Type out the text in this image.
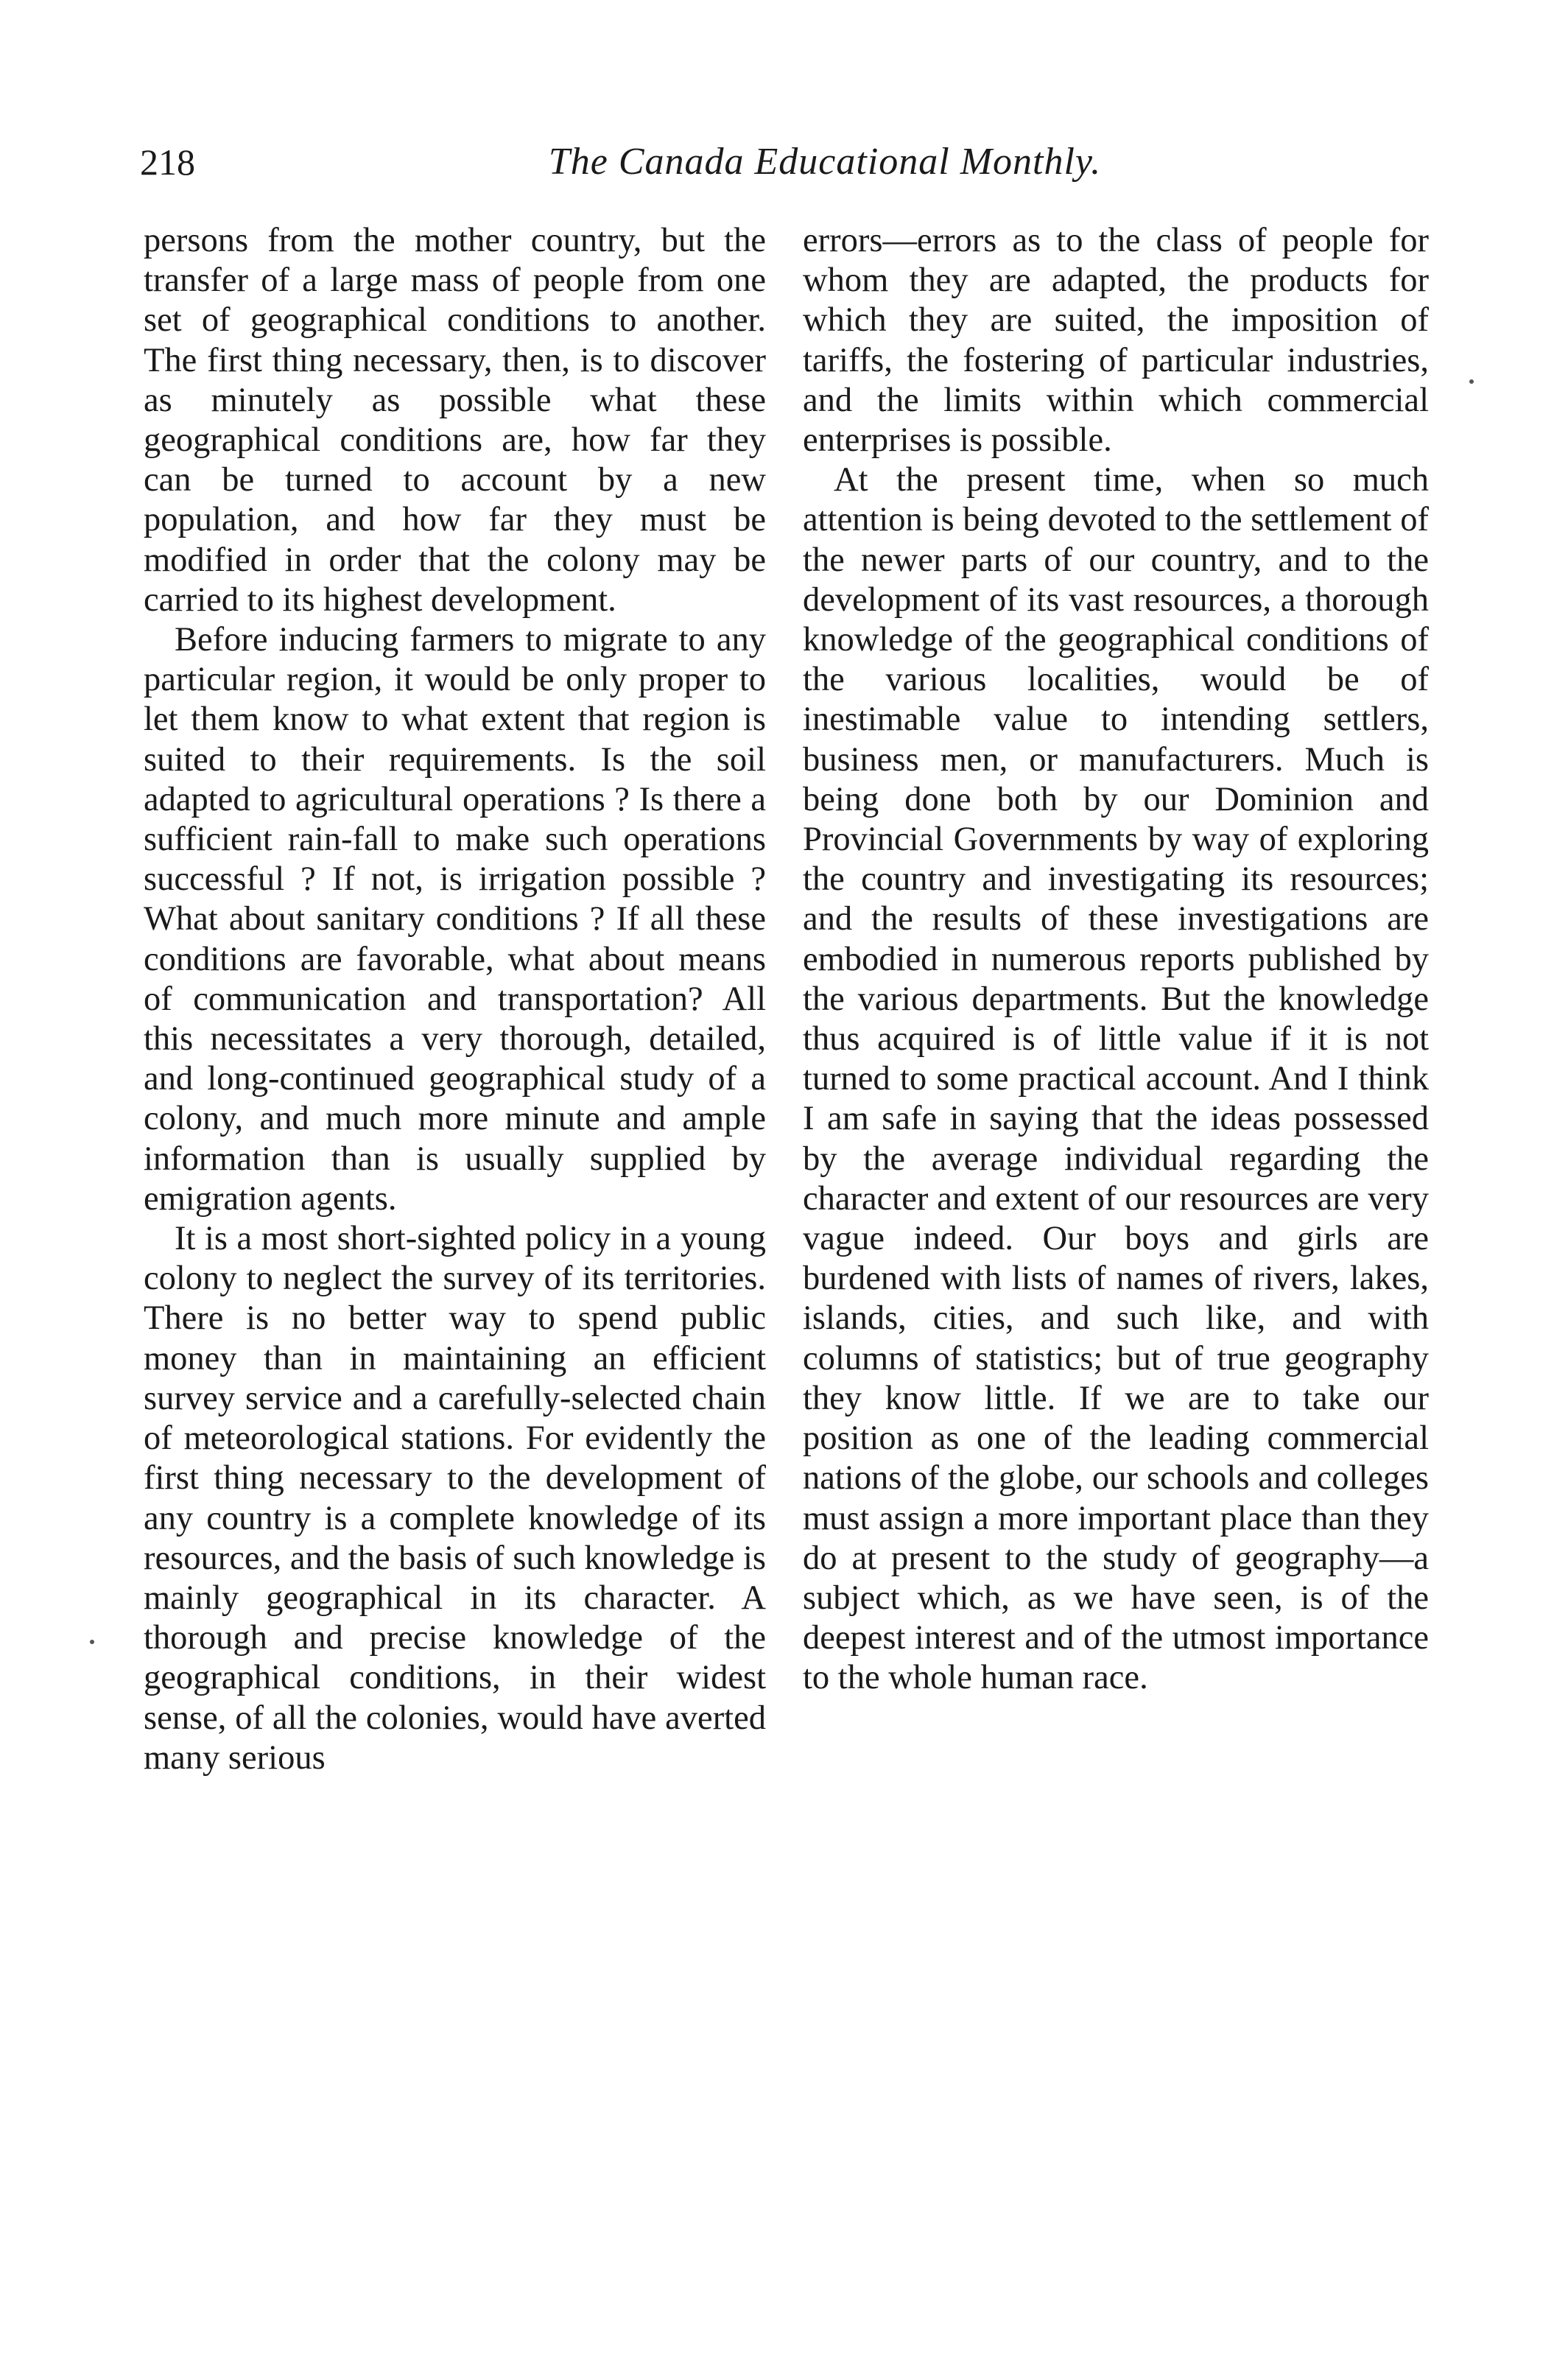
218	The Canada Educational Monthly.

persons from the mother country, but the transfer of a large mass of people from one set of geographical conditions to another. The first thing necessary, then, is to discover as minutely as possible what these geographical conditions are, how far they can be turned to account by a new population, and how far they must be modified in order that the colony may be carried to its highest development.

Before inducing farmers to migrate to any particular region, it would be only proper to let them know to what extent that region is suited to their requirements. Is the soil adapted to agricultural operations ? Is there a sufficient rain-fall to make such operations successful ? If not, is irrigation possible ? What about sanitary conditions ? If all these conditions are favorable, what about means of communication and transportation? All this necessitates a very thorough, detailed, and long-continued geographical study of a colony, and much more minute and ample information than is usually supplied by emigration agents.

It is a most short-sighted policy in a young colony to neglect the survey of its territories. There is no better way to spend public money than in maintaining an efficient survey service and a carefully-selected chain of meteorological stations. For evidently the first thing necessary to the development of any country is a complete knowledge of its resources, and the basis of such knowledge is mainly geographical in its character. A thorough and precise knowledge of the geographical conditions, in their widest sense, of all the colonies, would have averted many serious

errors—errors as to the class of people for whom they are adapted, the products for which they are suited, the imposition of tariffs, the fostering of particular industries, and the limits within which commercial enterprises is possible.

At the present time, when so much attention is being devoted to the settlement of the newer parts of our country, and to the development of its vast resources, a thorough knowledge of the geographical conditions of the various localities, would be of inestimable value to intending settlers, business men, or manufacturers. Much is being done both by our Dominion and Provincial Governments by way of exploring the country and investigating its resources; and the results of these investigations are embodied in numerous reports published by the various departments. But the knowledge thus acquired is of little value if it is not turned to some practical account. And I think I am safe in saying that the ideas possessed by the average individual regarding the character and extent of our resources are very vague indeed. Our boys and girls are burdened with lists of names of rivers, lakes, islands, cities, and such like, and with columns of statistics; but of true geography they know little. If we are to take our position as one of the leading commercial nations of the globe, our schools and colleges must assign a more important place than they do at present to the study of geography—a subject which, as we have seen, is of the deepest interest and of the utmost importance to the whole human race.
